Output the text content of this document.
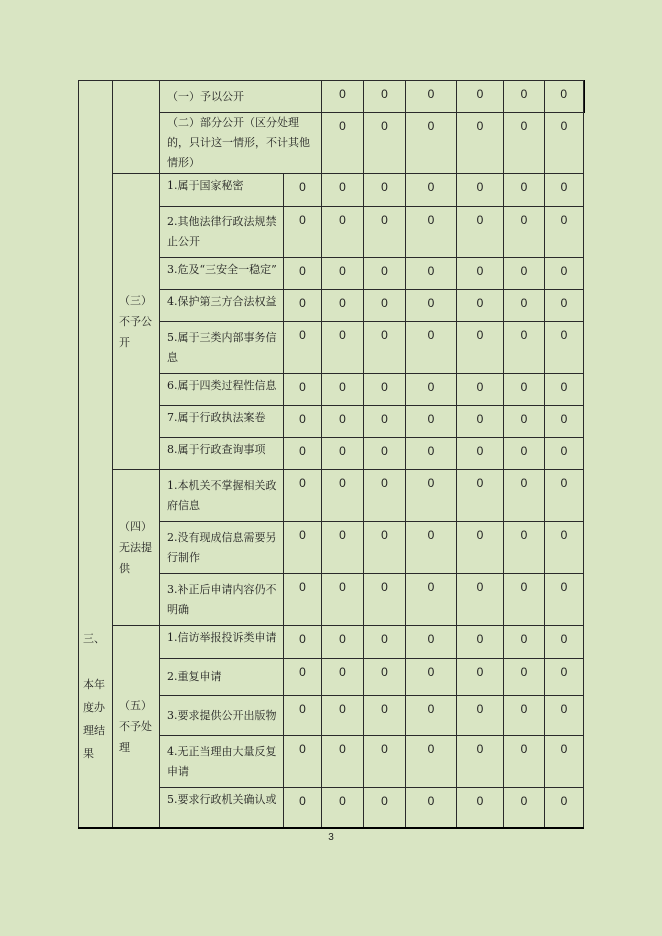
三、

本年度办理结果		（一）予以公开		0	0	0	0	0	0	
		（二）部分公开（区分处理的，只计这一情形，不计其他情形）		0	0	0	0	0	0	
	（三）不予公开	1.属于国家秘密	0	0	0	0	0	0	0	
		2.其他法律行政法规禁止公开	0	0	0	0	0	0	0	
		3.危及“三安全一稳定”	0	0	0	0	0	0	0	
		4.保护第三方合法权益	0	0	0	0	0	0	0	
		5.属于三类内部事务信息	0	0	0	0	0	0	0	
		6.属于四类过程性信息	0	0	0	0	0	0	0	
		7.属于行政执法案卷	0	0	0	0	0	0	0	
		8.属于行政查询事项	0	0	0	0	0	0	0	
	（四）无法提供	1.本机关不掌握相关政府信息	0	0	0	0	0	0	0	
		2.没有现成信息需要另行制作	0	0	0	0	0	0	0	
		3.补正后申请内容仍不明确	0	0	0	0	0	0	0	
	（五）不予处理	1.信访举报投诉类申请	0	0	0	0	0	0	0	
		2.重复申请	0	0	0	0	0	0	0	
		3.要求提供公开出版物	0	0	0	0	0	0	0	
		4.无正当理由大量反复申请	0	0	0	0	0	0	0	
		5.要求行政机关确认或	0	0	0	0	0	0	0	
3
